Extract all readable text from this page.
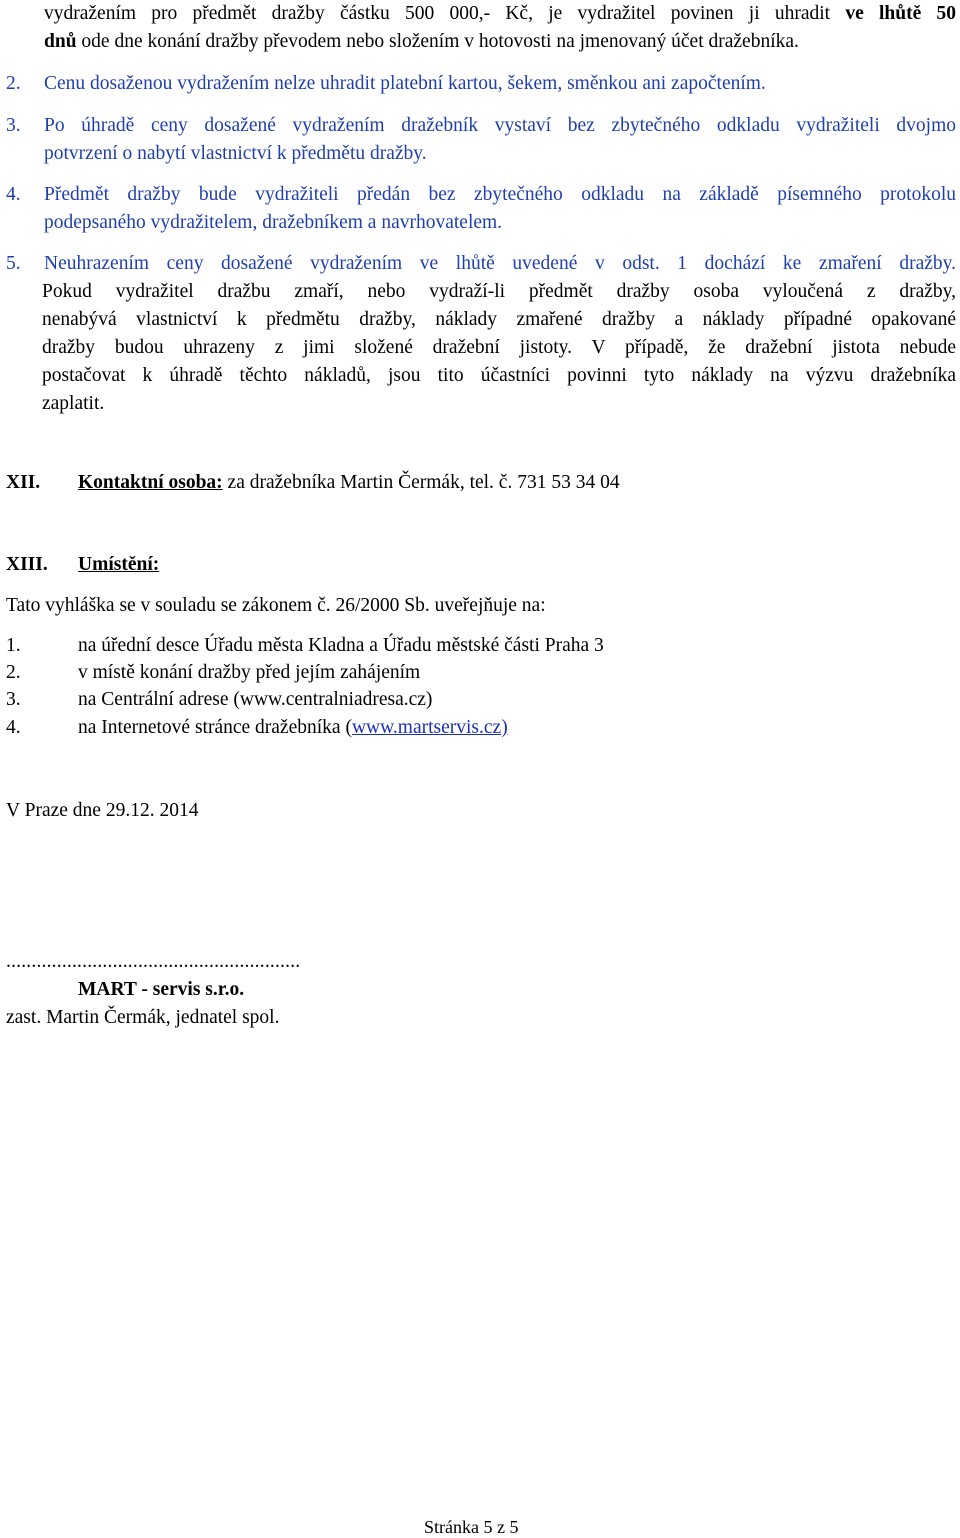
vydražením pro předmět dražby částku 500 000,- Kč, je vydražitel povinen ji uhradit ve lhůtě 50
dnů ode dne konání dražby převodem nebo složením v hotovosti na jmenovaný účet dražebníka.
2. Cenu dosaženou vydražením nelze uhradit platební kartou, šekem, směnkou ani započtením.
3. Po úhradě ceny dosažené vydražením dražebník vystaví bez zbytečného odkladu vydražiteli dvojmo
potvrzení o nabytí vlastnictví k předmětu dražby.
4. Předmět dražby bude vydražiteli předán bez zbytečného odkladu na základě písemného protokolu
podepsaného vydražitelem, dražebníkem a navrhovatelem.
5. Neuhrazením ceny dosažené vydražením ve lhůtě uvedené v odst. 1 dochází ke zmaření dražby.
Pokud vydražitel dražbu zmaří, nebo vydraží-li předmět dražby osoba vyloučená z dražby,
nenabývá vlastnictví k předmětu dražby, náklady zmařené dražby a náklady případné opakované
dražby budou uhrazeny z jimi složené dražební jistoty. V případě, že dražební jistota nebude
postačovat k úhradě těchto nákladů, jsou tito účastníci povinni tyto náklady na výzvu dražebníka
zaplatit.
XII. Kontaktní osoba: za dražebníka Martin Čermák, tel. č. 731 53 34 04
XIII. Umístění:
Tato vyhláška se v souladu se zákonem č. 26/2000 Sb. uveřejňuje na:
1.	na úřední desce Úřadu města Kladna a Úřadu městské části Praha 3
2.	v místě konání dražby před jejím zahájením
3.	na Centrální adrese (www.centralniadresa.cz)
4.	na Internetové stránce dražebníka (www.martservis.cz)
V Praze dne 29.12. 2014
..........................................................
MART - servis s.r.o.
zast. Martin Čermák, jednatel spol.
Stránka 5 z 5
